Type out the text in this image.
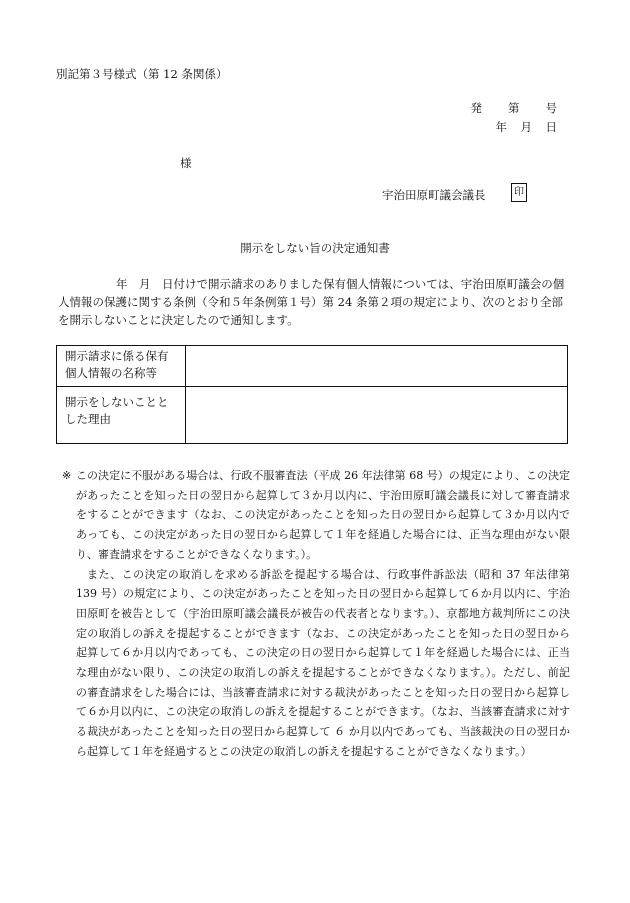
別記第３号様式（第 12 条関係）
発　　第　　号
年　月　日
様
宇治田原町議会議長	印
開示をしない旨の決定通知書
年　月　日付けで開示請求のありました保有個人情報については、宇治田原町議会の個人情報の保護に関する条例（令和５年条例第１号）第 24 条第２項の規定により、次のとおり全部を開示しないことに決定したので通知します。
開示請求に係る保有
個人情報の名称等	

開示をしないことと
した理由	

※ この決定に不服がある場合は、行政不服審査法（平成 26 年法律第 68 号）の規定により、この決定があったことを知った日の翌日から起算して３か月以内に、宇治田原町議会議長に対して審査請求をすることができます（なお、この決定があったことを知った日の翌日から起算して３か月以内であっても、この決定があった日の翌日から起算して１年を経過した場合には、正当な理由がない限り、審査請求をすることができなくなります。）。

また、この決定の取消しを求める訴訟を提起する場合は、行政事件訴訟法（昭和 37 年法律第 139 号）の規定により、この決定があったことを知った日の翌日から起算して６か月以内に、宇治田原町を被告として（宇治田原町議会議長が被告の代表者となります。）、京都地方裁判所にこの決定の取消しの訴えを提起することができます（なお、この決定があったことを知った日の翌日から起算して６か月以内であっても、この決定の日の翌日から起算して１年を経過した場合には、正当な理由がない限り、この決定の取消しの訴えを提起することができなくなります。）。ただし、前記の審査請求をした場合には、当該審査請求に対する裁決があったことを知った日の翌日から起算して６か月以内に、この決定の取消しの訴えを提起することができます。（なお、当該審査請求に対する裁決があったことを知った日の翌日から起算して ６ か月以内であっても、当該裁決の日の翌日から起算して１年を経過するとこの決定の取消しの訴えを提起することができなくなります。）
